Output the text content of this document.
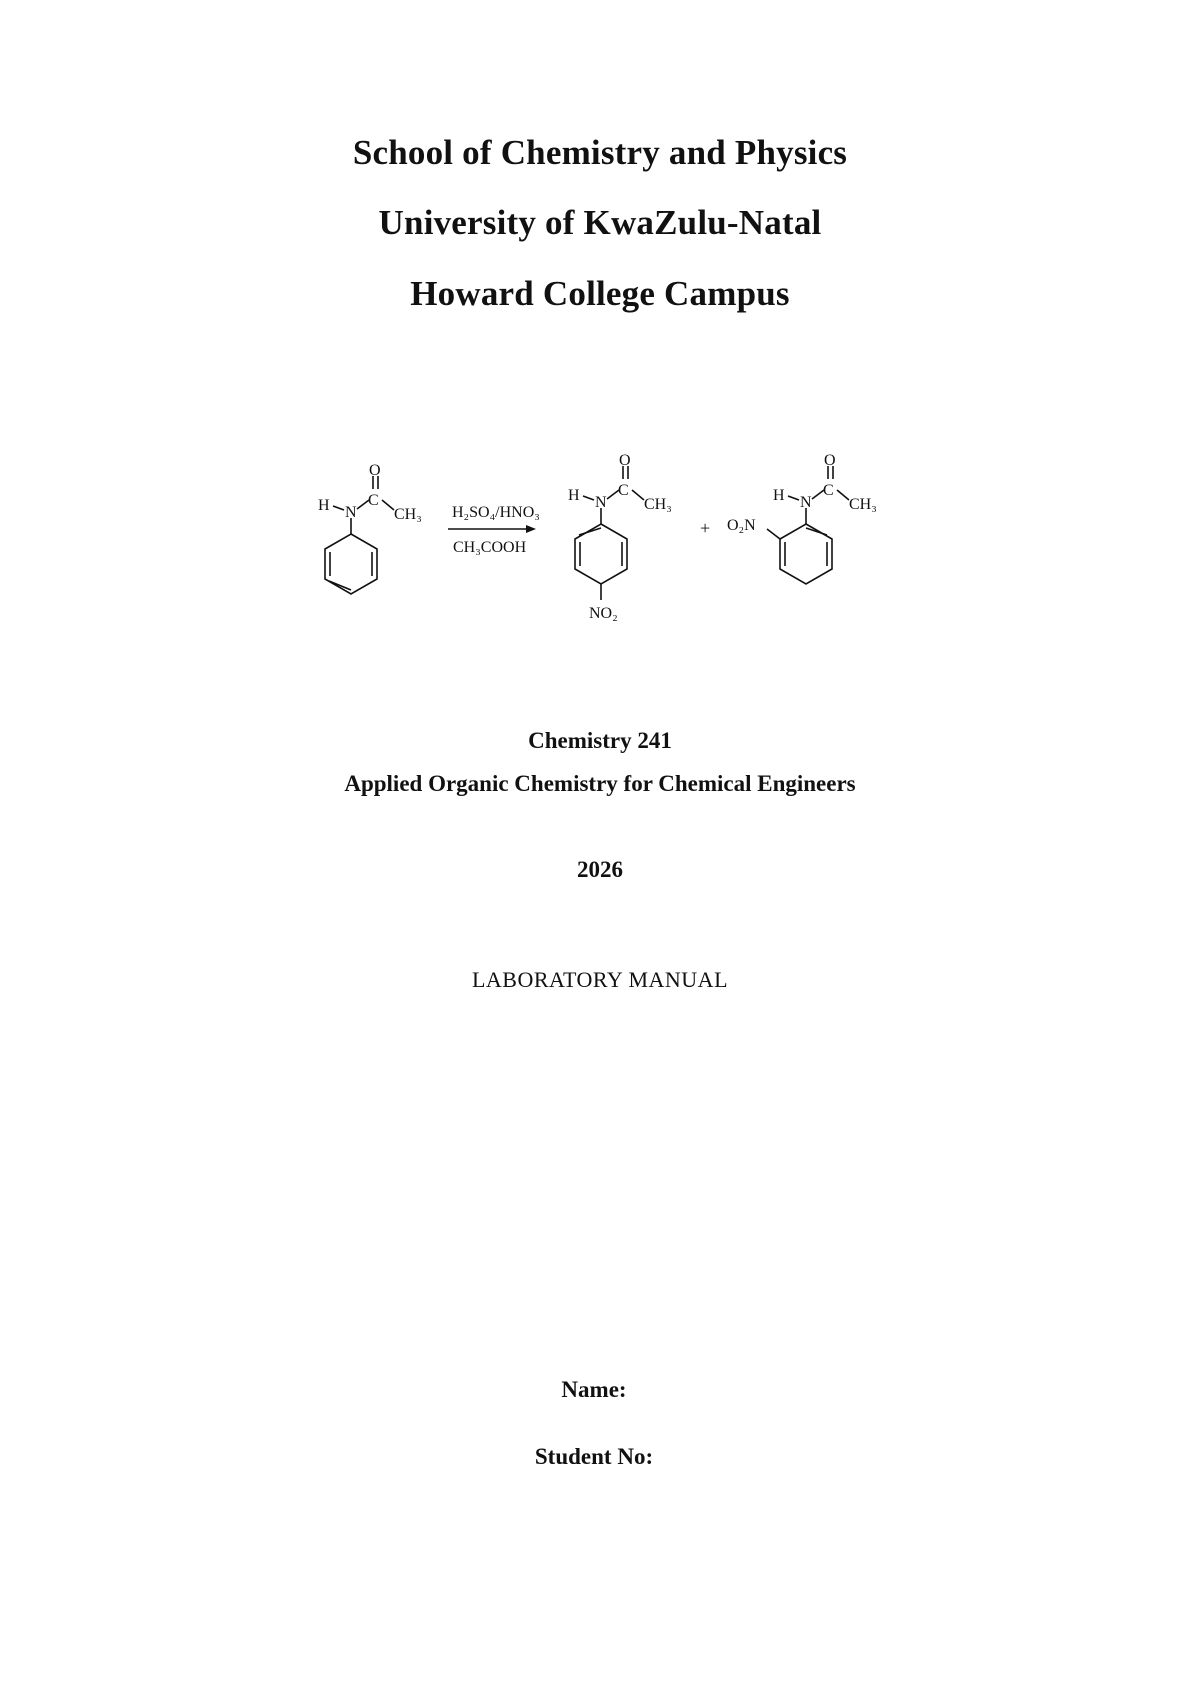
School of Chemistry and Physics
University of KwaZulu-Natal
Howard College Campus
N
H C
O
CH₃ H₂SO₄/HNO₃
CH₃COOH
N
H C
O
CH₃
NO₂
+
N
H C
O
CH₃
O₂N
Chemistry 241
Applied Organic Chemistry for Chemical Engineers
2026
LABORATORY MANUAL
Name:
Student No:
